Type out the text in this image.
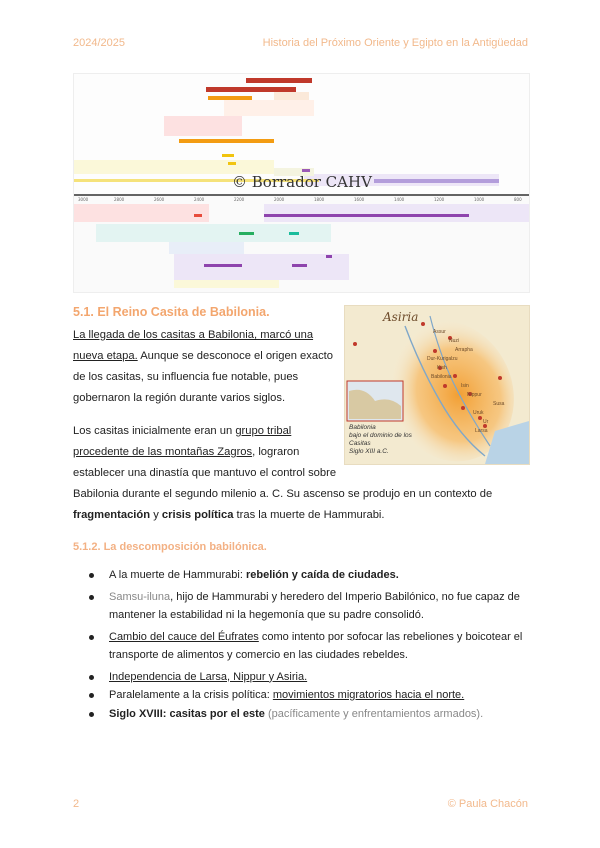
2024/2025	Historia del Próximo Oriente y Egipto en la Antigüedad
3000	2800	2600	2400	2200	2000	1800	1600	1400	1200	1000	800
© Borrador CAHV
5.1. El Reino Casita de Babilonia.
La llegada de los casitas a Babilonia, marcó una
nueva etapa. Aunque se desconoce el origen exacto
de los casitas, su influencia fue notable, pues
gobernaron la región durante varios siglos.
Los casitas inicialmente eran un grupo tribal
procedente de las montañas Zagros, lograron
establecer una dinastía que mantuvo el control sobre
Babilonia durante el segundo milenio a. C. Su ascenso se produjo en un contexto de
fragmentación y crisis política tras la muerte de Hammurabi.
Asiria
Babilonia
bajo el dominio de los
Casitas
Siglo XIII a.C.
Assur
Nuzi
Arrapha
Dur-Kurigalzu
Kish
Babilonia
Isin
Nippur
Susa
Uruk
Ur
Larsa
5.1.2. La descomposición babilónica.
A la muerte de Hammurabi: rebelión y caída de ciudades.
Samsu-iluna, hijo de Hammurabi y heredero del Imperio Babilónico, no fue capaz de
mantener la estabilidad ni la hegemonía que su padre consolidó.
Cambio del cauce del Éufrates como intento por sofocar las rebeliones y boicotear el
transporte de alimentos y comercio en las ciudades rebeldes.
Independencia de Larsa, Nippur y Asiria.
Paralelamente a la crisis política: movimientos migratorios hacia el norte.
Siglo XVIII: casitas por el este (pacíficamente y enfrentamientos armados).
2	© Paula Chacón
